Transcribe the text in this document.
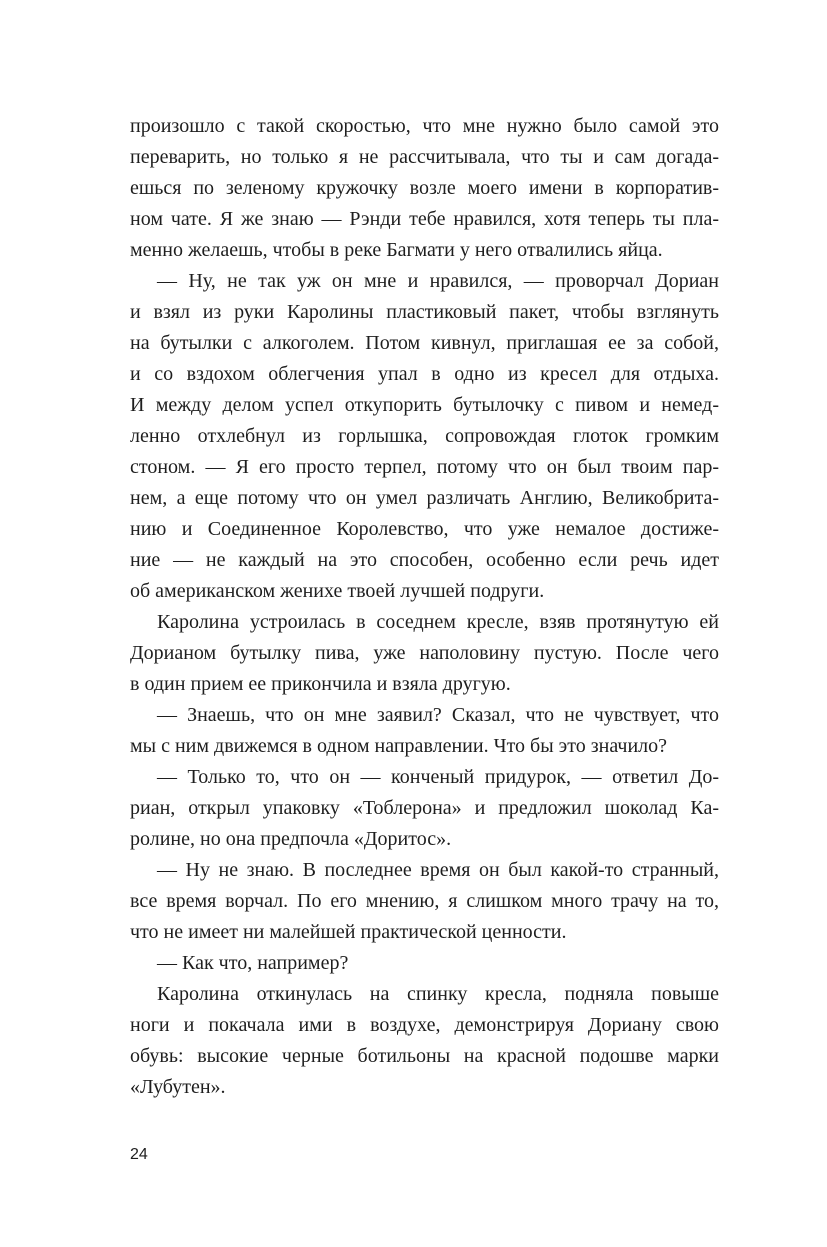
произошло с такой скоростью, что мне нужно было самой это
переварить, но только я не рассчитывала, что ты и сам догада-
ешься по зеленому кружочку возле моего имени в корпоратив-
ном чате. Я же знаю — Рэнди тебе нравился, хотя теперь ты пла-
менно желаешь, чтобы в реке Багмати у него отвалились яйца.
— Ну, не так уж он мне и нравился, — проворчал Дориан
и взял из руки Каролины пластиковый пакет, чтобы взглянуть
на бутылки с алкоголем. Потом кивнул, приглашая ее за собой,
и со вздохом облегчения упал в одно из кресел для отдыха.
И между делом успел откупорить бутылочку с пивом и немед-
ленно отхлебнул из горлышка, сопровождая глоток громким
стоном. — Я его просто терпел, потому что он был твоим пар-
нем, а еще потому что он умел различать Англию, Великобрита-
нию и Соединенное Королевство, что уже немалое достиже-
ние — не каждый на это способен, особенно если речь идет
об американском женихе твоей лучшей подруги.
Каролина устроилась в соседнем кресле, взяв протянутую ей
Дорианом бутылку пива, уже наполовину пустую. После чего
в один прием ее прикончила и взяла другую.
— Знаешь, что он мне заявил? Сказал, что не чувствует, что
мы с ним движемся в одном направлении. Что бы это значило?
— Только то, что он — конченый придурок, — ответил До-
риан, открыл упаковку «Тоблерона» и предложил шоколад Ка-
ролине, но она предпочла «Доритос».
— Ну не знаю. В последнее время он был какой-то странный,
все время ворчал. По его мнению, я слишком много трачу на то,
что не имеет ни малейшей практической ценности.
— Как что, например?
Каролина откинулась на спинку кресла, подняла повыше
ноги и покачала ими в воздухе, демонстрируя Дориану свою
обувь: высокие черные ботильоны на красной подошве марки
«Лубутен».
24
